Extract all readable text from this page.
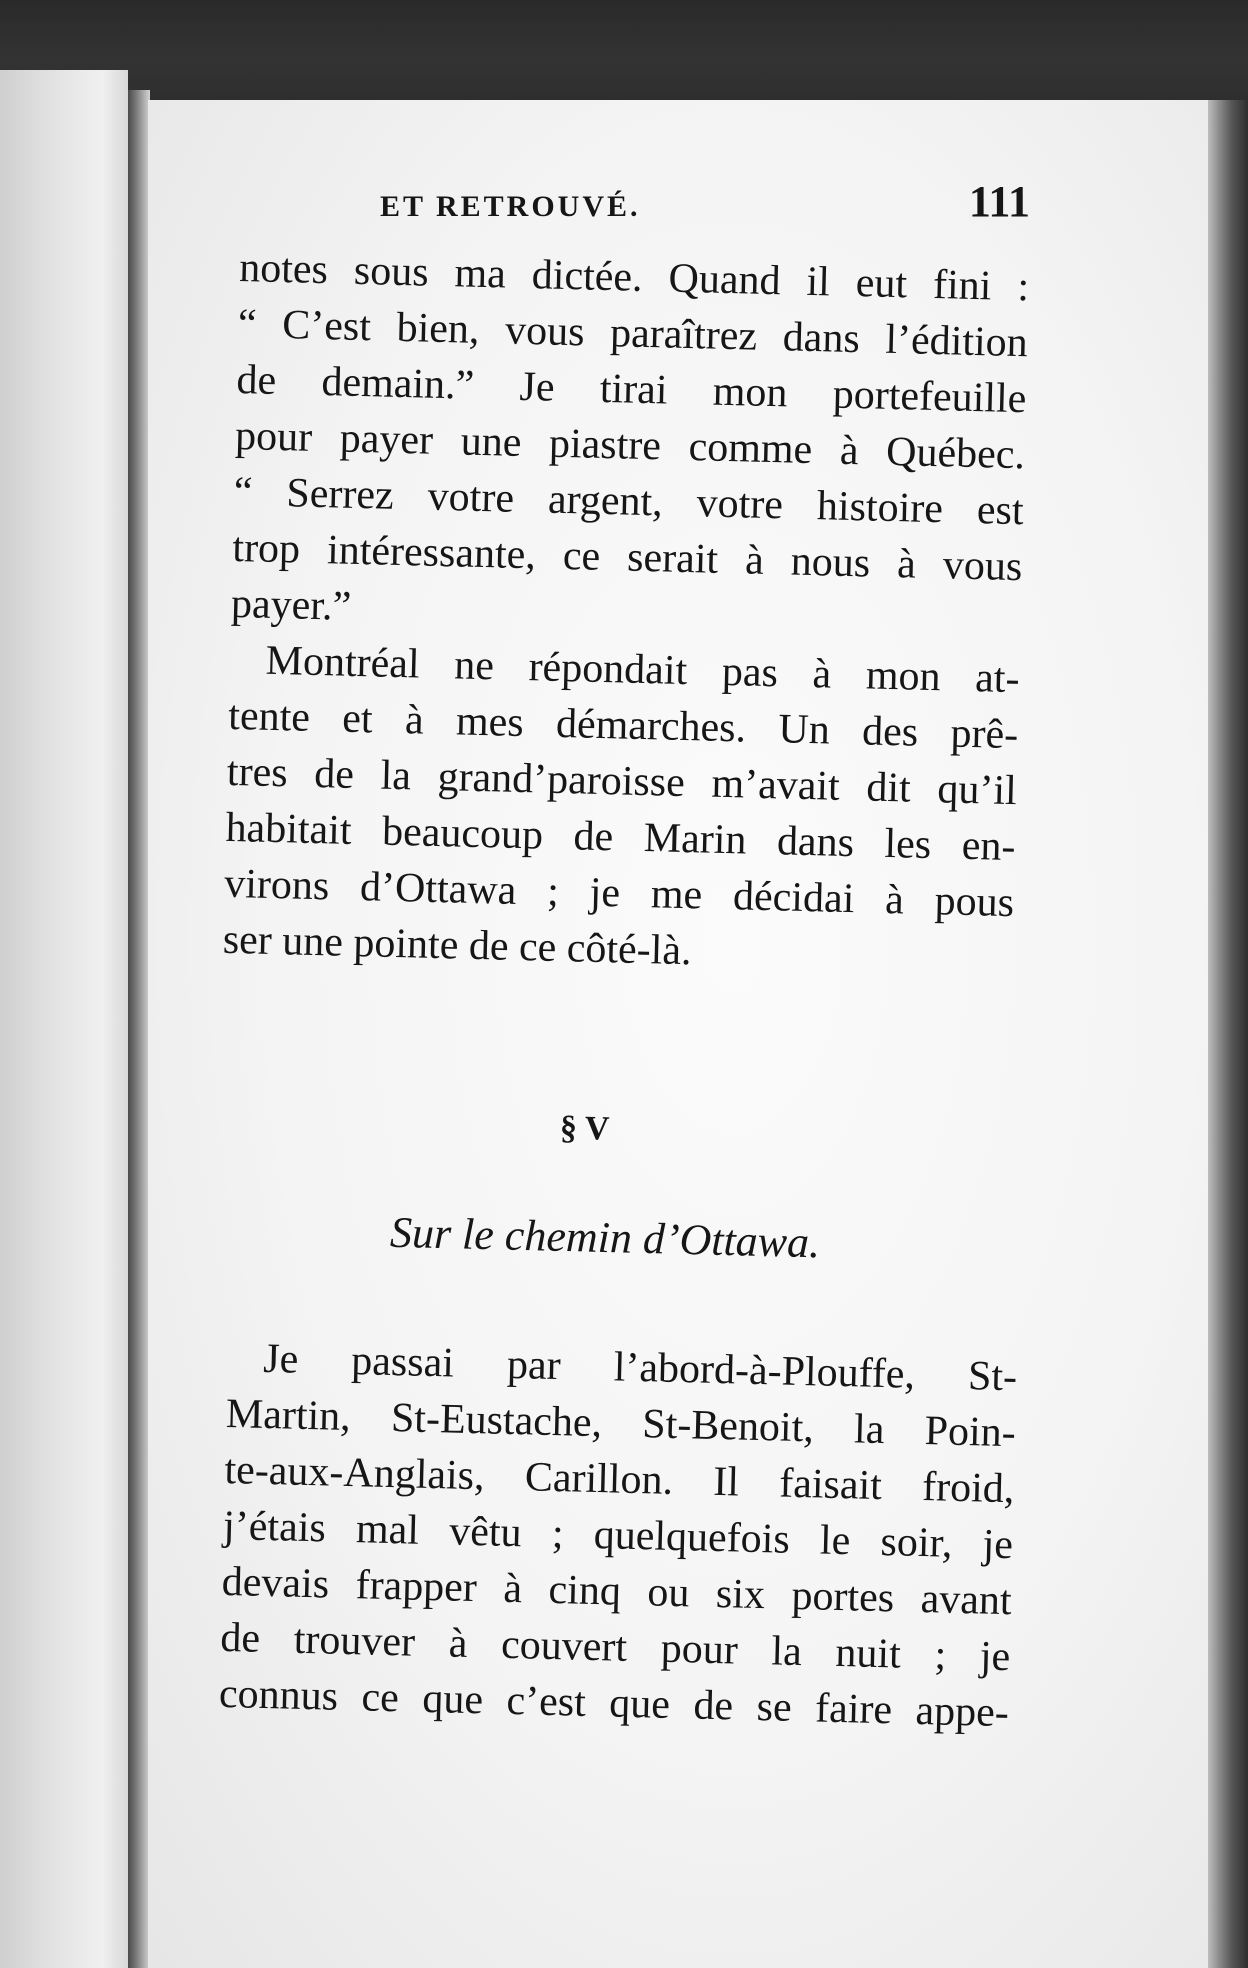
ET RETROUVÉ.	111
notes sous ma dictée. Quand il eut fini :
“ C’est bien, vous paraîtrez dans l’édition
de demain.” Je tirai mon portefeuille
pour payer une piastre comme à Québec.
“ Serrez votre argent, votre histoire est
trop intéressante, ce serait à nous à vous
payer.”
Montréal ne répondait pas à mon at-
tente et à mes démarches. Un des prê-
tres de la grand’paroisse m’avait dit qu’il
habitait beaucoup de Marin dans les en-
virons d’Ottawa ; je me décidai à pous
ser une pointe de ce côté-là.
§ V
Sur le chemin d’Ottawa.
Je passai par l’abord-à-Plouffe, St-
Martin, St-Eustache, St-Benoit, la Poin-
te-aux-Anglais, Carillon. Il faisait froid,
j’étais mal vêtu ; quelquefois le soir, je
devais frapper à cinq ou six portes avant
de trouver à couvert pour la nuit ; je
connus ce que c’est que de se faire appe-
